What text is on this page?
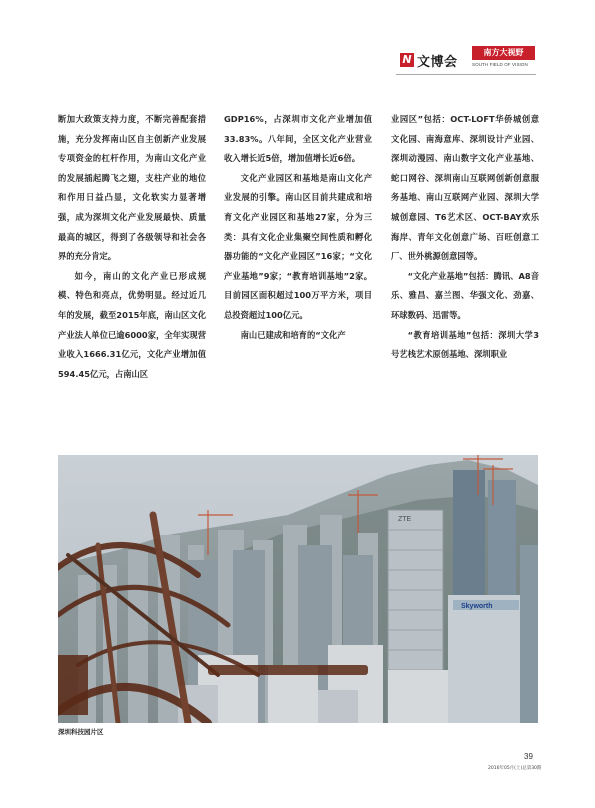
N 文博会
南方大视野
SOUTH FIELD OF VISION

断加大政策支持力度，不断完善配套措施，充分发挥南山区自主创新产业发展专项资金的杠杆作用，为南山文化产业的发展插起腾飞之翅，支柱产业的地位和作用日益凸显，文化软实力显著增强，成为深圳文化产业发展最快、质量最高的城区，得到了各级领导和社会各界的充分肯定。

如今，南山的文化产业已形成规模、特色和亮点，优势明显。经过近几年的发展，截至2015年底，南山区文化产业法人单位已逾6000家，全年实现营业收入1666.31亿元，文化产业增加值594.45亿元，占南山区

GDP16%，占深圳市文化产业增加值33.83%。八年间，全区文化产业营业收入增长近5倍，增加值增长近6倍。

文化产业园区和基地是南山文化产业发展的引擎。南山区目前共建成和培育文化产业园区和基地27家，分为三类：具有文化企业集聚空间性质和孵化器功能的“文化产业园区”16家；“文化产业基地”9家；“教育培训基地”2家。目前园区面积超过100万平方米，项目总投资超过100亿元。

南山已建成和培育的“文化产

业园区”包括：OCT-LOFT华侨城创意文化园、南海意库、深圳设计产业园、深圳动漫园、南山数字文化产业基地、蛇口网谷、深圳南山互联网创新创意服务基地、南山互联网产业园、深圳大学城创意园、T6艺术区、OCT-BAY欢乐海岸、青年文化创意广场、百旺创意工厂、世外桃源创意园等。

“文化产业基地”包括：腾讯、A8音乐、雅昌、嘉兰图、华强文化、劲嘉、环球数码、迅雷等。

“教育培训基地”包括：深圳大学3号艺栈艺术原创基地、深圳职业

ZTE
Skyworth
深圳科技园片区
39
2016年05月(上)总第30期
